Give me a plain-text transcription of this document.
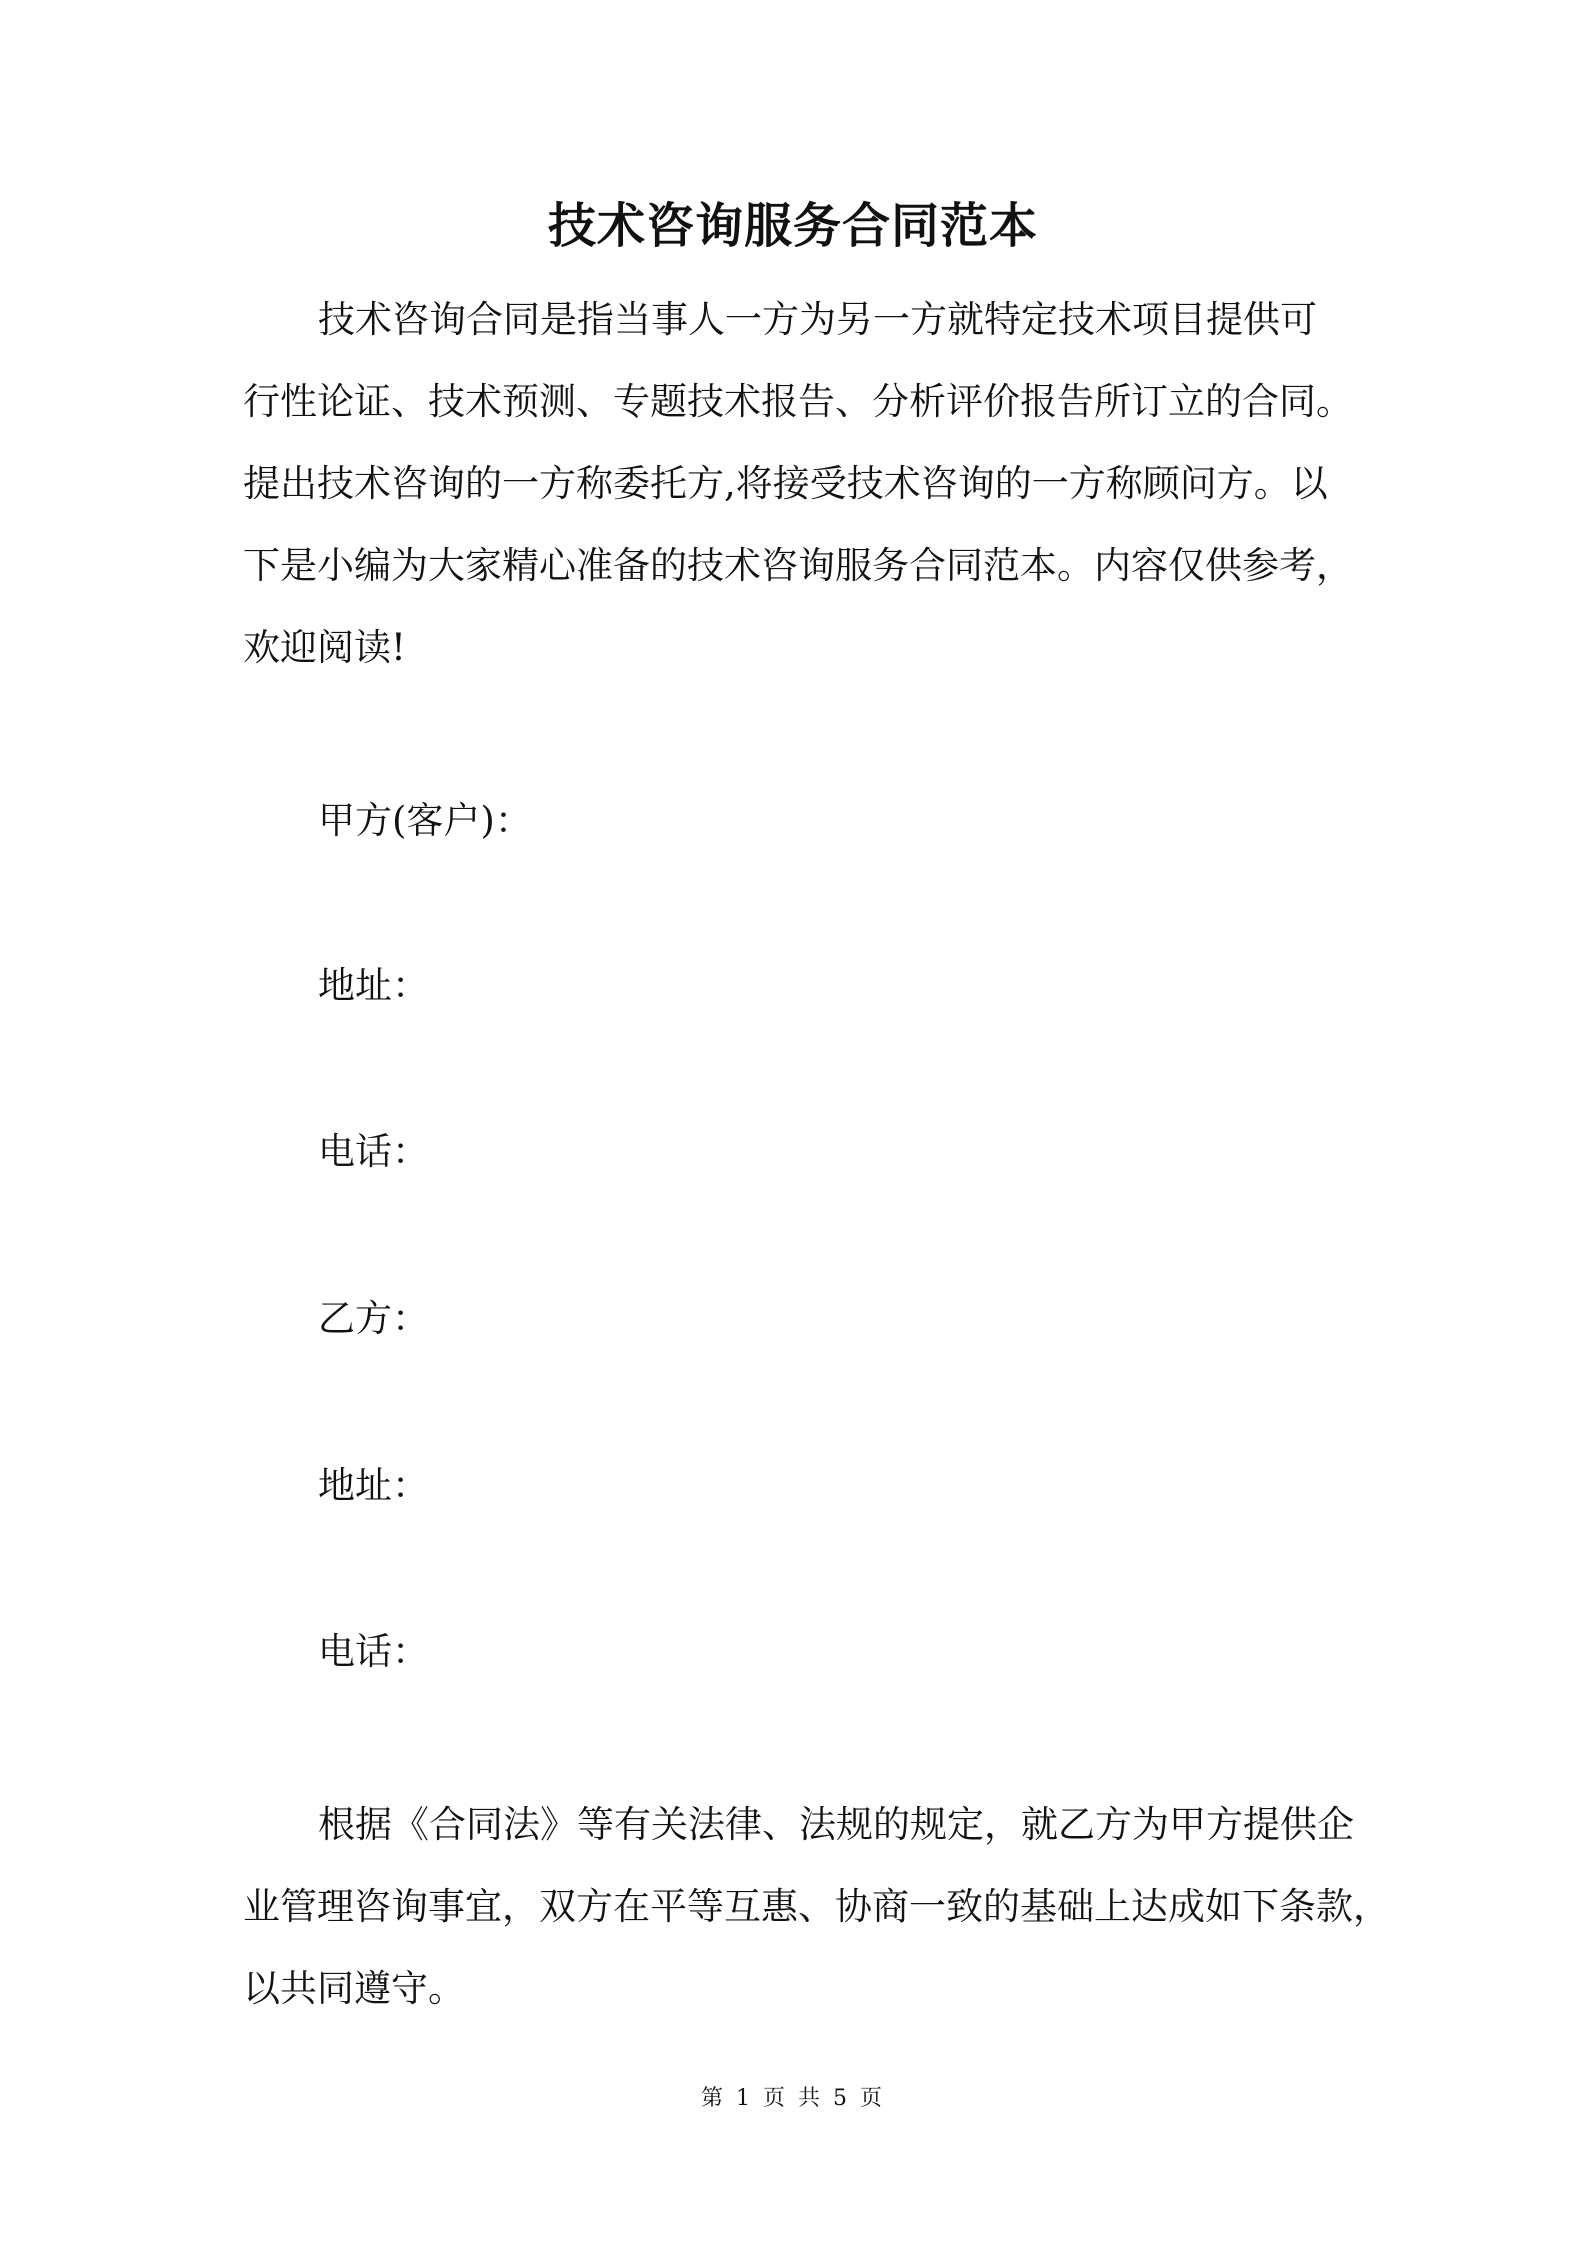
技术咨询服务合同范本
技术咨询合同是指当事人一方为另一方就特定技术项目提供可
行性论证、技术预测、专题技术报告、分析评价报告所订立的合同。
提出技术咨询的一方称委托方,将接受技术咨询的一方称顾问方。以
下是小编为大家精心准备的技术咨询服务合同范本。内容仅供参考，
欢迎阅读!
甲方(客户)：
地址：
电话：
乙方：
地址：
电话：
根据《合同法》等有关法律、法规的规定，就乙方为甲方提供企
业管理咨询事宜，双方在平等互惠、协商一致的基础上达成如下条款，
以共同遵守。
第 1 页 共 5 页
